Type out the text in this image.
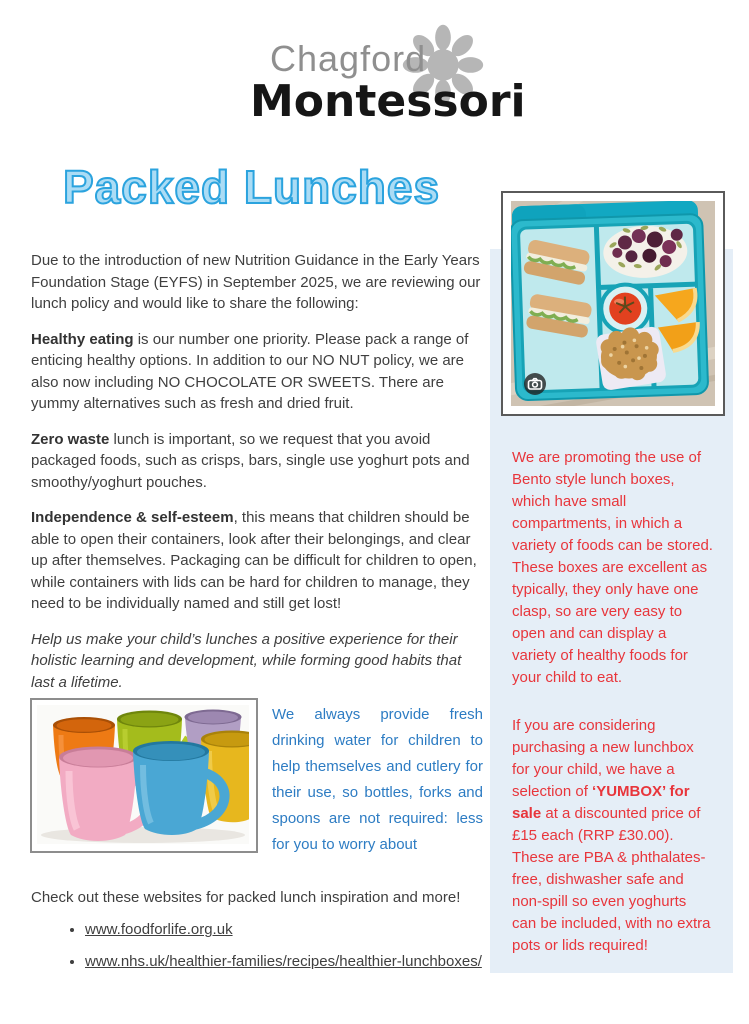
Chagford
Montessori
Packed Lunches

Due to the introduction of new Nutrition Guidance in the Early Years Foundation Stage (EYFS) in September 2025, we are reviewing our lunch policy and would like to share the following:

Healthy eating is our number one priority. Please pack a range of enticing healthy options. In addition to our NO NUT policy, we are also now including NO CHOCOLATE OR SWEETS. There are yummy alternatives such as fresh and dried fruit.

Zero waste lunch is important, so we request that you avoid packaged foods, such as crisps, bars, single use yoghurt pots and smoothy/yoghurt pouches.

Independence & self-esteem, this means that children should be able to open their containers, look after their belongings, and clear up after themselves. Packaging can be difficult for children to open, while containers with lids can be hard for children to manage, they need to be individually named and still get lost!

Help us make your child’s lunches a positive experience for their holistic learning and development, while forming good habits that last a lifetime.

We always provide fresh drinking water for children to help themselves and cutlery for their use, so bottles, forks and spoons are not required: less for you to worry about

Check out these websites for packed lunch inspiration and more!

• www.foodforlife.org.uk
• www.nhs.uk/healthier-families/recipes/healthier-lunchboxes/

We are promoting the use of Bento style lunch boxes, which have small compartments, in which a variety of foods can be stored. These boxes are excellent as typically, they only have one clasp, so are very easy to open and can display a variety of healthy foods for your child to eat.

If you are considering purchasing a new lunchbox for your child, we have a selection of ‘YUMBOX’ for sale at a discounted price of £15 each (RRP £30.00). These are PBA & phthalates-free, dishwasher safe and non-spill so even yoghurts can be included, with no extra pots or lids required!
